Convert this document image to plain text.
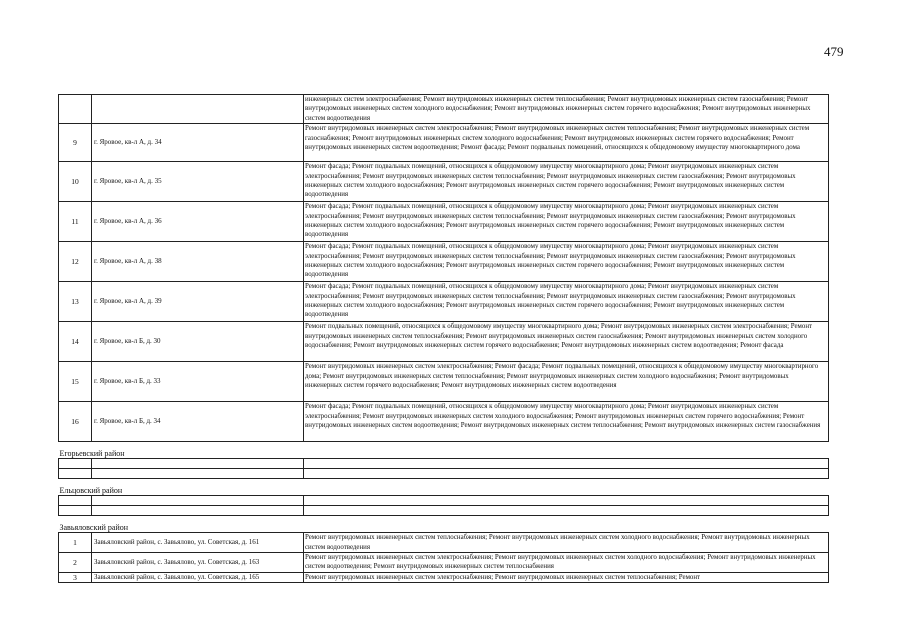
479
		инженерных систем электроснабжения; Ремонт внутридомовых инженерных систем теплоснабжения; Ремонт внутридомовых инженерных систем газоснабжения; Ремонт внутридомовых инженерных систем холодного водоснабжения; Ремонт внутридомовых инженерных систем горячего водоснабжения; Ремонт внутридомовых инженерных систем водоотведения
9	г. Яровое, кв-л А, д. 34	Ремонт внутридомовых инженерных систем электроснабжения; Ремонт внутридомовых инженерных систем теплоснабжения; Ремонт внутридомовых инженерных систем газоснабжения; Ремонт внутридомовых инженерных систем холодного водоснабжения; Ремонт внутридомовых инженерных систем горячего водоснабжения; Ремонт внутридомовых инженерных систем водоотведения; Ремонт фасада; Ремонт подвальных помещений, относящихся к общедомовому имуществу многоквартирного дома
10	г. Яровое, кв-л А, д. 35	Ремонт фасада; Ремонт подвальных помещений, относящихся к общедомовому имуществу многоквартирного дома; Ремонт внутридомовых инженерных систем электроснабжения; Ремонт внутридомовых инженерных систем теплоснабжения; Ремонт внутридомовых инженерных систем газоснабжения; Ремонт внутридомовых инженерных систем холодного водоснабжения; Ремонт внутридомовых инженерных систем горячего водоснабжения; Ремонт внутридомовых инженерных систем водоотведения
11	г. Яровое, кв-л А, д. 36	Ремонт фасада; Ремонт подвальных помещений, относящихся к общедомовому имуществу многоквартирного дома; Ремонт внутридомовых инженерных систем электроснабжения; Ремонт внутридомовых инженерных систем теплоснабжения; Ремонт внутридомовых инженерных систем газоснабжения; Ремонт внутридомовых инженерных систем холодного водоснабжения; Ремонт внутридомовых инженерных систем горячего водоснабжения; Ремонт внутридомовых инженерных систем водоотведения
12	г. Яровое, кв-л А, д. 38	Ремонт фасада; Ремонт подвальных помещений, относящихся к общедомовому имуществу многоквартирного дома; Ремонт внутридомовых инженерных систем электроснабжения; Ремонт внутридомовых инженерных систем теплоснабжения; Ремонт внутридомовых инженерных систем газоснабжения; Ремонт внутридомовых инженерных систем холодного водоснабжения; Ремонт внутридомовых инженерных систем горячего водоснабжения; Ремонт внутридомовых инженерных систем водоотведения
13	г. Яровое, кв-л А, д. 39	Ремонт фасада; Ремонт подвальных помещений, относящихся к общедомовому имуществу многоквартирного дома; Ремонт внутридомовых инженерных систем электроснабжения; Ремонт внутридомовых инженерных систем теплоснабжения; Ремонт внутридомовых инженерных систем газоснабжения; Ремонт внутридомовых инженерных систем холодного водоснабжения; Ремонт внутридомовых инженерных систем горячего водоснабжения; Ремонт внутридомовых инженерных систем водоотведения
14	г. Яровое, кв-л Б, д. 30	Ремонт подвальных помещений, относящихся к общедомовому имуществу многоквартирного дома; Ремонт внутридомовых инженерных систем электроснабжения; Ремонт внутридомовых инженерных систем теплоснабжения; Ремонт внутридомовых инженерных систем газоснабжения; Ремонт внутридомовых инженерных систем холодного водоснабжения; Ремонт внутридомовых инженерных систем горячего водоснабжения; Ремонт внутридомовых инженерных систем водоотведения; Ремонт фасада
15	г. Яровое, кв-л Б, д. 33	Ремонт внутридомовых инженерных систем электроснабжения; Ремонт фасада; Ремонт подвальных помещений, относящихся к общедомовому имуществу многоквартирного дома; Ремонт внутридомовых инженерных систем теплоснабжения; Ремонт внутридомовых инженерных систем холодного водоснабжения; Ремонт внутридомовых инженерных систем горячего водоснабжения; Ремонт внутридомовых инженерных систем водоотведения
16	г. Яровое, кв-л Б, д. 34	Ремонт фасада; Ремонт подвальных помещений, относящихся к общедомовому имуществу многоквартирного дома; Ремонт внутридомовых инженерных систем электроснабжения; Ремонт внутридомовых инженерных систем холодного водоснабжения; Ремонт внутридомовых инженерных систем горячего водоснабжения; Ремонт внутридомовых инженерных систем водоотведения; Ремонт внутридомовых инженерных систем теплоснабжения; Ремонт внутридомовых инженерных систем газоснабжения
Егорьевский район		

Ельцовский район		

Завьяловский район		
1	Завьяловский район, с. Завьялово, ул. Советская, д. 161	Ремонт внутридомовых инженерных систем теплоснабжения; Ремонт внутридомовых инженерных систем холодного водоснабжения; Ремонт внутридомовых инженерных систем водоотведения
2	Завьяловский район, с. Завьялово, ул. Советская, д. 163	Ремонт внутридомовых инженерных систем электроснабжения; Ремонт внутридомовых инженерных систем холодного водоснабжения; Ремонт внутридомовых инженерных систем водоотведения; Ремонт внутридомовых инженерных систем теплоснабжения
3	Завьяловский район, с. Завьялово, ул. Советская, д. 165	Ремонт внутридомовых инженерных систем электроснабжения; Ремонт внутридомовых инженерных систем теплоснабжения; Ремонт
